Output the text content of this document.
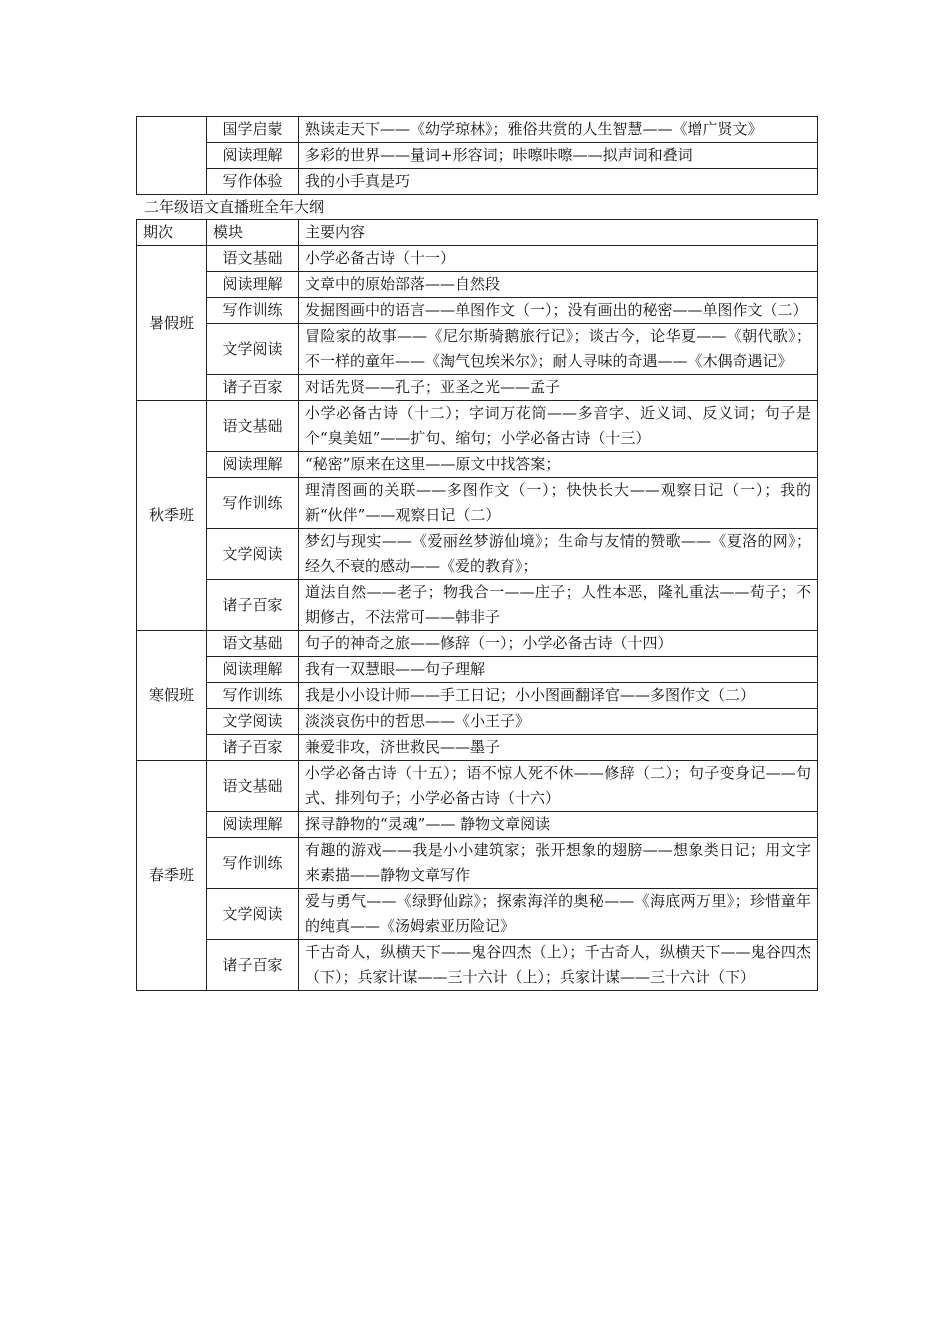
	国学启蒙	熟读走天下——《幼学琼林》；雅俗共赏的人生智慧——《增广贤文》
	阅读理解	多彩的世界——量词+形容词；咔嚓咔嚓——拟声词和叠词
	写作体验	我的小手真是巧
二年级语文直播班全年大纲
期次	模块	主要内容
暑假班	语文基础	小学必备古诗（十一）
	阅读理解	文章中的原始部落——自然段
	写作训练	发掘图画中的语言——单图作文（一）；没有画出的秘密——单图作文（二）
	文学阅读	冒险家的故事——《尼尔斯骑鹅旅行记》；谈古今，论华夏——《朝代歌》；不一样的童年——《淘气包埃米尔》；耐人寻味的奇遇——《木偶奇遇记》
	诸子百家	对话先贤——孔子；亚圣之光——孟子
秋季班	语文基础	小学必备古诗（十二）；字词万花筒——多音字、近义词、反义词；句子是个“臭美妞”——扩句、缩句；小学必备古诗（十三）
	阅读理解	“秘密”原来在这里——原文中找答案；
	写作训练	理清图画的关联——多图作文（一）；快快长大——观察日记（一）；我的新“伙伴”——观察日记（二）
	文学阅读	梦幻与现实——《爱丽丝梦游仙境》；生命与友情的赞歌——《夏洛的网》；经久不衰的感动——《爱的教育》；
	诸子百家	道法自然——老子；物我合一——庄子；人性本恶，隆礼重法——荀子；不期修古，不法常可——韩非子
寒假班	语文基础	句子的神奇之旅——修辞（一）；小学必备古诗（十四）
	阅读理解	我有一双慧眼——句子理解
	写作训练	我是小小设计师——手工日记；小小图画翻译官——多图作文（二）
	文学阅读	淡淡哀伤中的哲思——《小王子》
	诸子百家	兼爱非攻，济世救民——墨子
春季班	语文基础	小学必备古诗（十五）；语不惊人死不休——修辞（二）；句子变身记——句式、排列句子；小学必备古诗（十六）
	阅读理解	探寻静物的“灵魂”—— 静物文章阅读
	写作训练	有趣的游戏——我是小小建筑家；张开想象的翅膀——想象类日记；用文字来素描——静物文章写作
	文学阅读	爱与勇气——《绿野仙踪》；探索海洋的奥秘——《海底两万里》；珍惜童年的纯真——《汤姆索亚历险记》
	诸子百家	千古奇人，纵横天下——鬼谷四杰（上）；千古奇人，纵横天下——鬼谷四杰（下）；兵家计谋——三十六计（上）；兵家计谋——三十六计（下）
